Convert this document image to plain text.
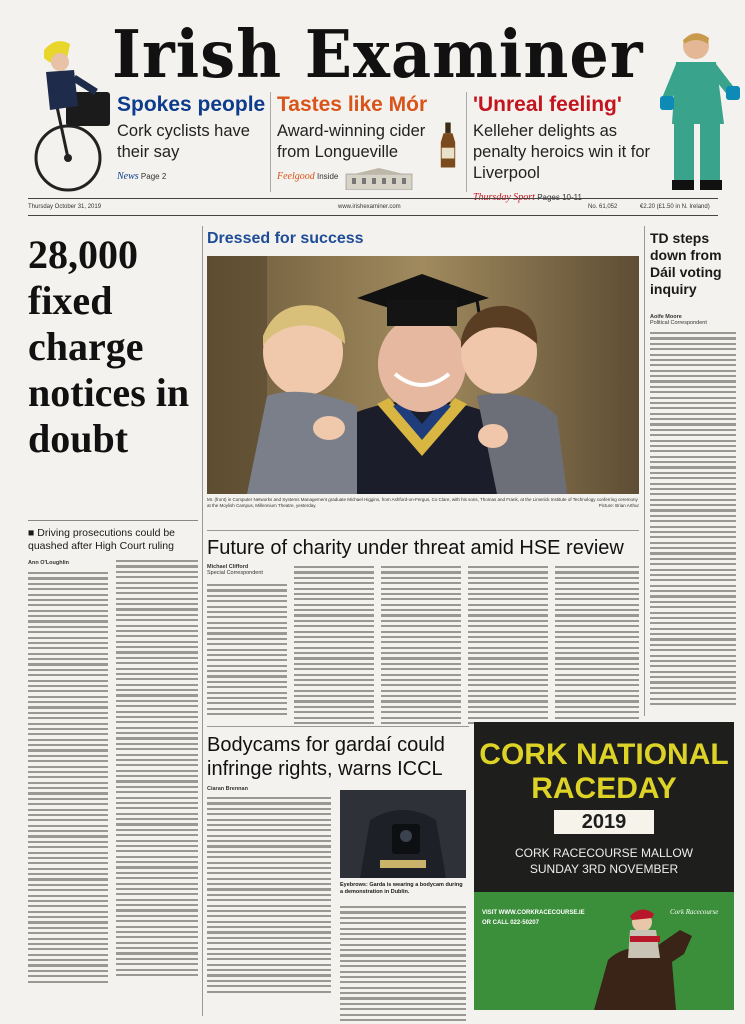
Irish Examiner
Spokes people
Cork cyclists have their say
News Page 2
Tastes like Mór
Award-winning cider from Longueville
Feelgood Inside
'Unreal feeling'
Kelleher delights as penalty heroics win it for Liverpool
Thursday Sport Pages 10-11
Thursday October 31, 2019	www.irishexaminer.com	No. 61,052	€2.20 (£1.50 in N. Ireland)
28,000 fixed charge notices in doubt
■ Driving prosecutions could be quashed after High Court ruling
Ann O'Loughlin
Dressed for success
Mr. (front) in Computer Networks and Systems Management graduate Michael Higgins, from Ashford-on-Fergus, Co Clare, with his sons, Thomas and Frank, at the Limerick Institute of Technology conferring ceremony at the Moylish Campus, Millennium Theatre, yesterday.	Picture: Brian Arthur
Future of charity under threat amid HSE review
Michael Clifford
Special Correspondent
TD steps down from Dáil voting inquiry
Aoife Moore
Political Correspondent
Bodycams for gardaí could infringe rights, warns ICCL
Ciaran Brennan
Eyebrows: Garda is wearing a bodycam during a demonstration in Dublin.
CORK NATIONAL RACEDAY
2019
CORK RACECOURSE MALLOW
SUNDAY 3RD NOVEMBER
VISIT WWW.CORKRACECOURSE.IE
OR CALL 022-50207
Cork Racecourse
